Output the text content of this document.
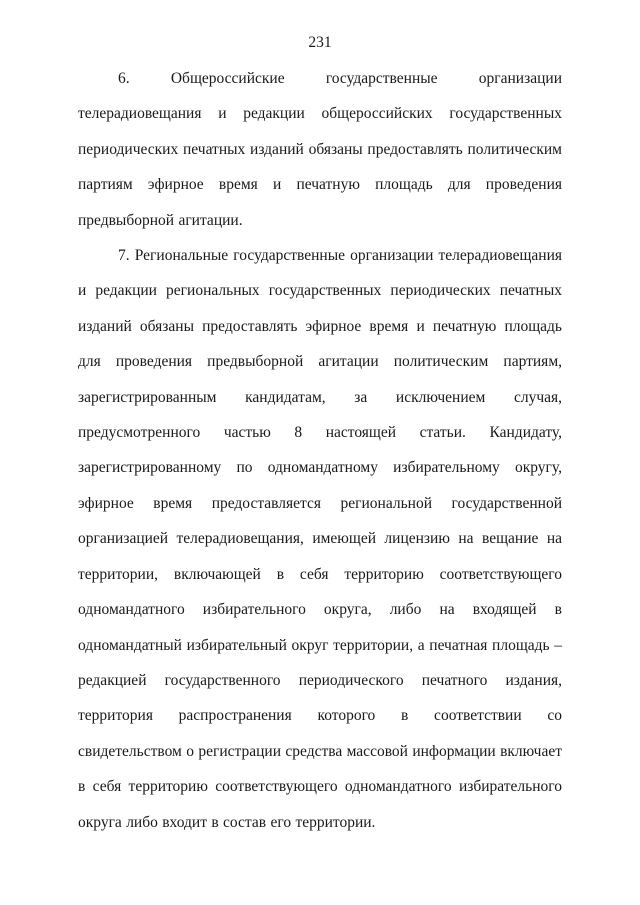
231

6. Общероссийские государственные организации телерадиовещания и редакции общероссийских государственных периодических печатных изданий обязаны предоставлять политическим партиям эфирное время и печатную площадь для проведения предвыборной агитации.

7. Региональные государственные организации телерадиовещания и редакции региональных государственных периодических печатных изданий обязаны предоставлять эфирное время и печатную площадь для проведения предвыборной агитации политическим партиям, зарегистрированным кандидатам, за исключением случая, предусмотренного частью 8 настоящей статьи. Кандидату, зарегистрированному по одномандатному избирательному округу, эфирное время предоставляется региональной государственной организацией телерадиовещания, имеющей лицензию на вещание на территории, включающей в себя территорию соответствующего одномандатного избирательного округа, либо на входящей в одномандатный избирательный округ территории, а печатная площадь – редакцией государственного периодического печатного издания, территория распространения которого в соответствии со свидетельством о регистрации средства массовой информации включает в себя территорию соответствующего одномандатного избирательного округа либо входит в состав его территории.
